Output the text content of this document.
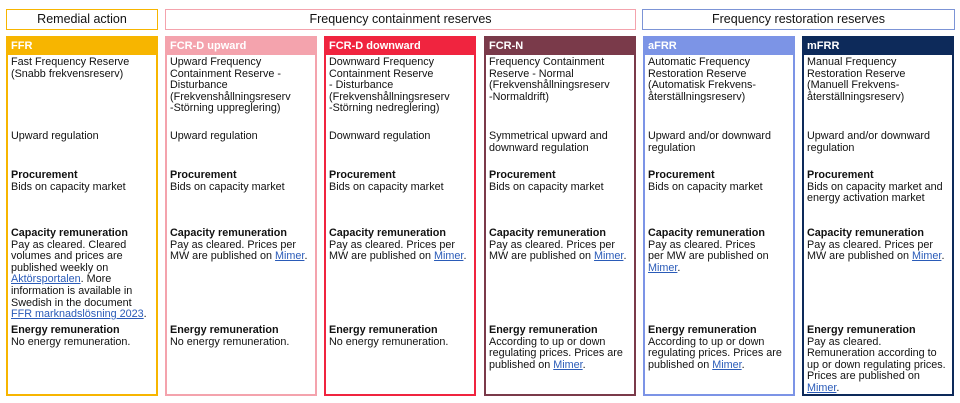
Remedial action	Frequency containment reserves	Frequency restoration reserves
FFR
Fast Frequency Reserve
(Snabb frekvensreserv)
Upward regulation
Procurement
Bids on capacity market
Capacity remuneration
Pay as cleared. Cleared volumes and prices are published weekly on Aktörsportalen. More information is available in Swedish in the document FFR marknadslösning 2023.
Energy remuneration
No energy remuneration.
FCR-D upward
Upward Frequency Containment Reserve - Disturbance
(Frekvenshållningsreserv
-Störning uppreglering)
Upward regulation
Procurement
Bids on capacity market
Capacity remuneration
Pay as cleared. Prices per MW are published on Mimer.
Energy remuneration
No energy remuneration.
FCR-D downward
Downward Frequency Containment Reserve
- Disturbance
(Frekvenshållningsreserv
-Störning nedreglering)
Downward regulation
Procurement
Bids on capacity market
Capacity remuneration
Pay as cleared. Prices per MW are published on Mimer.
Energy remuneration
No energy remuneration.
FCR-N
Frequency Containment Reserve - Normal
(Frekvenshållningsreserv
-Normaldrift)
Symmetrical upward and downward regulation
Procurement
Bids on capacity market
Capacity remuneration
Pay as cleared. Prices per MW are published on Mimer.
Energy remuneration
According to up or down regulating prices. Prices are published on Mimer.
aFRR
Automatic Frequency Restoration Reserve
(Automatisk Frekvens-
återställningsreserv)
Upward and/or downward regulation
Procurement
Bids on capacity market
Capacity remuneration
Pay as cleared. Prices
per MW are published on Mimer.
Energy remuneration
According to up or down regulating prices. Prices are published on Mimer.
mFRR
Manual Frequency Restoration Reserve
(Manuell Frekvens-
återställningsreserv)
Upward and/or downward regulation
Procurement
Bids on capacity market and energy activation market
Capacity remuneration
Pay as cleared. Prices per MW are published on Mimer.
Energy remuneration
Pay as cleared. Remuneration according to up or down regulating prices. Prices are published on Mimer.
